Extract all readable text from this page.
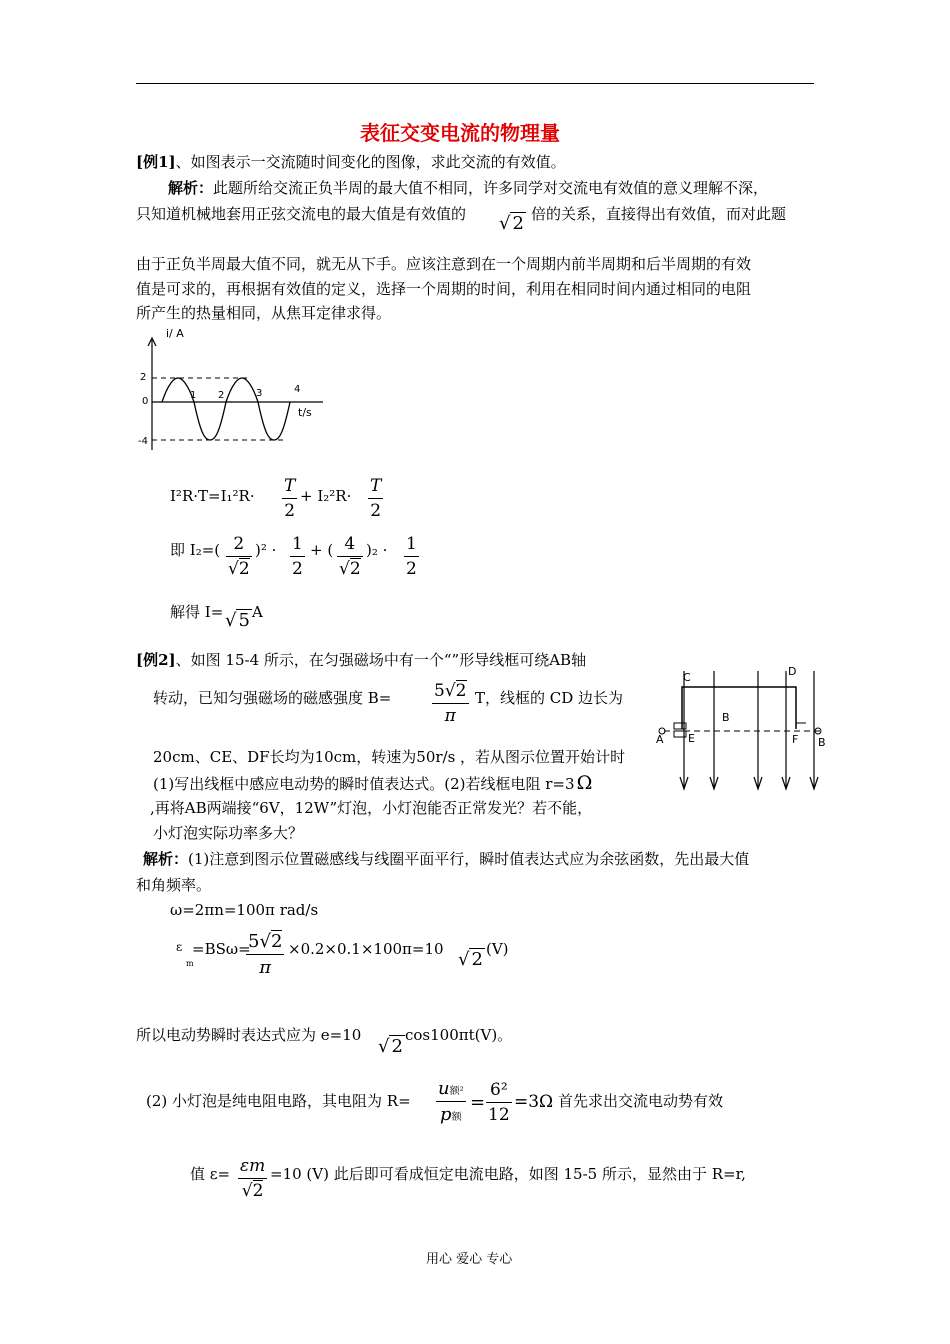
表征交变电流的物理量
[例1]、如图表示一交流随时间变化的图像，求此交流的有效值。
解析：此题所给交流正负半周的最大值不相同，许多同学对交流电有效值的意义理解不深，
只知道机械地套用正弦交流电的最大值是有效值的 √ 2 倍的关系，直接得出有效值，而对此题
由于正负半周最大值不同，就无从下手。应该注意到在一个周期内前半周期和后半周期的有效
值是可求的，再根据有效值的定义，选择一个周期的时间，利用在相同时间内通过相同的电阻
所产生的热量相同，从焦耳定律求得。
i/ A
2
0
-4
1 2	3	4
t/s
$I^2R\cdot T=I_1^2R\cdot \frac{T}{2} + I_2^2R\cdot \frac{T}{2}$
即 $I_2=( \frac{2}{√2} )^2 \cdot \frac{1}{2}$ + ( $\frac{4}{√2} )_2 \cdot \frac{1}{2}$
解得 I= √ 5 A
[例2]、如图 15-4 所示，在匀强磁场中有一个“”形导线框可绕AB轴
转动，已知匀强磁场的磁感强度 $B= \frac{5√2}{\pi}$ T，线框的 CD 边长为
20cm、CE、DF长均为10cm，转速为50r/s ，若从图示位置开始计时
(1)写出线框中感应电动势的瞬时值表达式。(2)若线框电阻 r=3 Ω
,再将AB两端接“6V，12W”灯泡，小灯泡能否正常发光？若不能，
小灯泡实际功率多大？
C	D
B
A E	F B
解析：(1)注意到图示位置磁感线与线圈平面平行，瞬时值表达式应为余弦函数，先出最大值
和角频率。
ω=2πn=100π rad/s
ε
m
=BSω=
$\frac{5√2}{\pi} \times 0.2\times 0.1\times 100\pi=10$ √ 2 (V)
所以电动势瞬时表达式应为 e=10
√ 2
cos100πt(V)。
(2) 小灯泡是纯电阻电路，其电阻为 R=
u额²
p额
= $\frac{\text{6²}}{12} =3\Omega$ 首先求出交流电动势有效
值 $\varepsilon= \frac{\varepsilon m}{√2} =10$ (V) 此后即可看成恒定电流电路，如图 15-5 所示，显然由于 R=r,
用心 爱心 专心
